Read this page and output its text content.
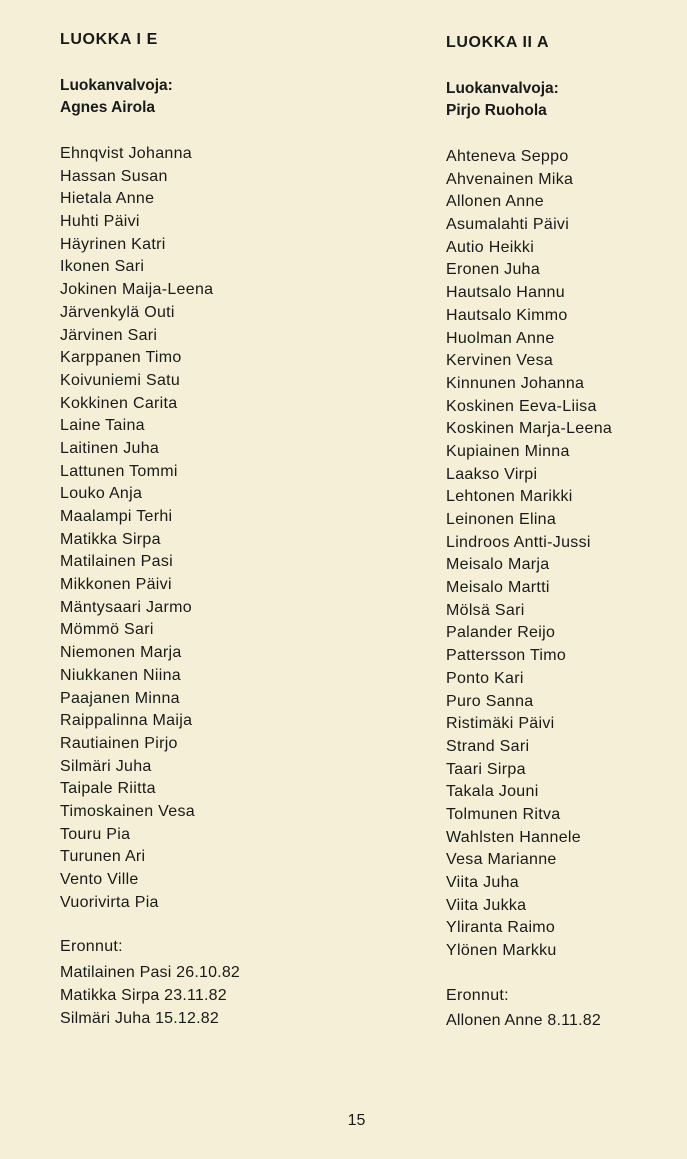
LUOKKA I E

Luokanvalvoja:

Agnes Airola

Ehnqvist Johanna
Hassan Susan
Hietala Anne
Huhti Päivi
Häyrinen Katri
Ikonen Sari
Jokinen Maija-Leena
Järvenkylä Outi
Järvinen Sari
Karppanen Timo
Koivuniemi Satu
Kokkinen Carita
Laine Taina
Laitinen Juha
Lattunen Tommi
Louko Anja
Maalampi Terhi
Matikka Sirpa
Matilainen Pasi
Mikkonen Päivi
Mäntysaari Jarmo
Mömmö Sari
Niemonen Marja
Niukkanen Niina
Paajanen Minna
Raippalinna Maija
Rautiainen Pirjo
Silmäri Juha
Taipale Riitta
Timoskainen Vesa
Touru Pia
Turunen Ari
Vento Ville
Vuorivirta Pia

Eronnut:

Matilainen Pasi 26.10.82
Matikka Sirpa 23.11.82
Silmäri Juha 15.12.82
LUOKKA II A

Luokanvalvoja:

Pirjo Ruohola

Ahteneva Seppo
Ahvenainen Mika
Allonen Anne
Asumalahti Päivi
Autio Heikki
Eronen Juha
Hautsalo Hannu
Hautsalo Kimmo
Huolman Anne
Kervinen Vesa
Kinnunen Johanna
Koskinen Eeva-Liisa
Koskinen Marja-Leena
Kupiainen Minna
Laakso Virpi
Lehtonen Marikki
Leinonen Elina
Lindroos Antti-Jussi
Meisalo Marja
Meisalo Martti
Mölsä Sari
Palander Reijo
Pattersson Timo
Ponto Kari
Puro Sanna
Ristimäki Päivi
Strand Sari
Taari Sirpa
Takala Jouni
Tolmunen Ritva
Wahlsten Hannele
Vesa Marianne
Viita Juha
Viita Jukka
Yliranta Raimo
Ylönen Markku

Eronnut:

Allonen Anne 8.11.82
15
